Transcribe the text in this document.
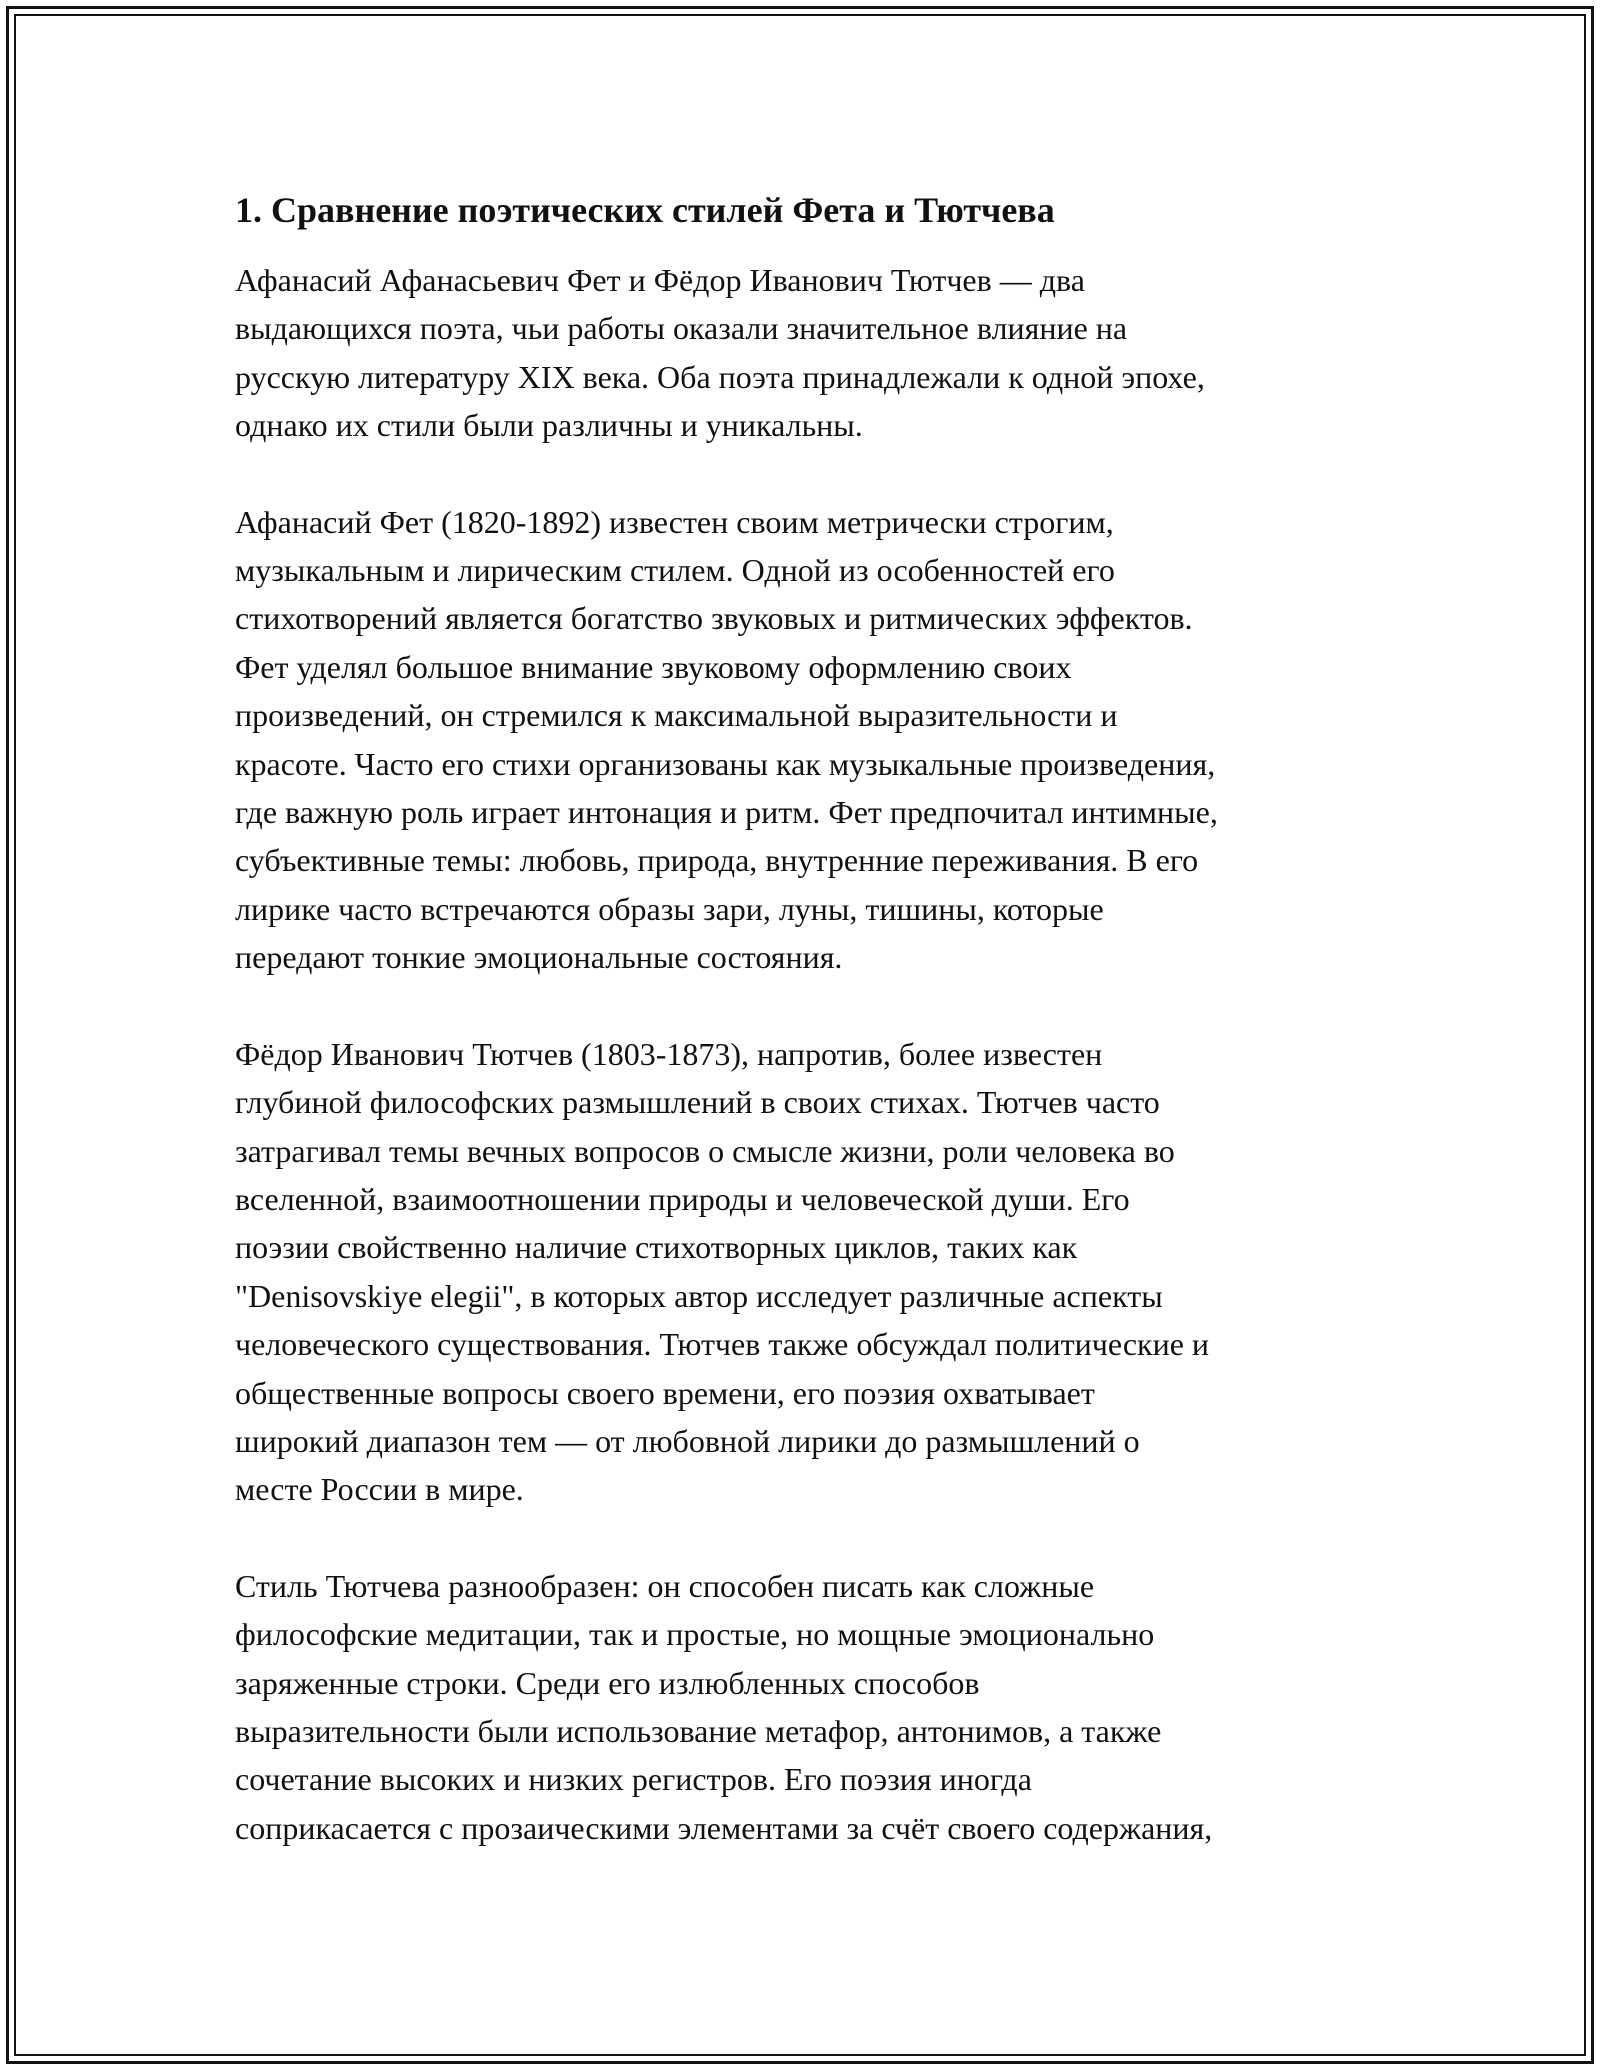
1. Сравнение поэтических стилей Фета и Тютчева

Афанасий Афанасьевич Фет и Фёдор Иванович Тютчев — два
выдающихся поэта, чьи работы оказали значительное влияние на
русскую литературу XIX века. Оба поэта принадлежали к одной эпохе,
однако их стили были различны и уникальны.

Афанасий Фет (1820-1892) известен своим метрически строгим,
музыкальным и лирическим стилем. Одной из особенностей его
стихотворений является богатство звуковых и ритмических эффектов.
Фет уделял большое внимание звуковому оформлению своих
произведений, он стремился к максимальной выразительности и
красоте. Часто его стихи организованы как музыкальные произведения,
где важную роль играет интонация и ритм. Фет предпочитал интимные,
субъективные темы: любовь, природа, внутренние переживания. В его
лирике часто встречаются образы зари, луны, тишины, которые
передают тонкие эмоциональные состояния.

Фёдор Иванович Тютчев (1803-1873), напротив, более известен
глубиной философских размышлений в своих стихах. Тютчев часто
затрагивал темы вечных вопросов о смысле жизни, роли человека во
вселенной, взаимоотношении природы и человеческой души. Его
поэзии свойственно наличие стихотворных циклов, таких как
"Denisovskiye elegii", в которых автор исследует различные аспекты
человеческого существования. Тютчев также обсуждал политические и
общественные вопросы своего времени, его поэзия охватывает
широкий диапазон тем — от любовной лирики до размышлений о
месте России в мире.

Стиль Тютчева разнообразен: он способен писать как сложные
философские медитации, так и простые, но мощные эмоционально
заряженные строки. Среди его излюбленных способов
выразительности были использование метафор, антонимов, а также
сочетание высоких и низких регистров. Его поэзия иногда
соприкасается с прозаическими элементами за счёт своего содержания,
